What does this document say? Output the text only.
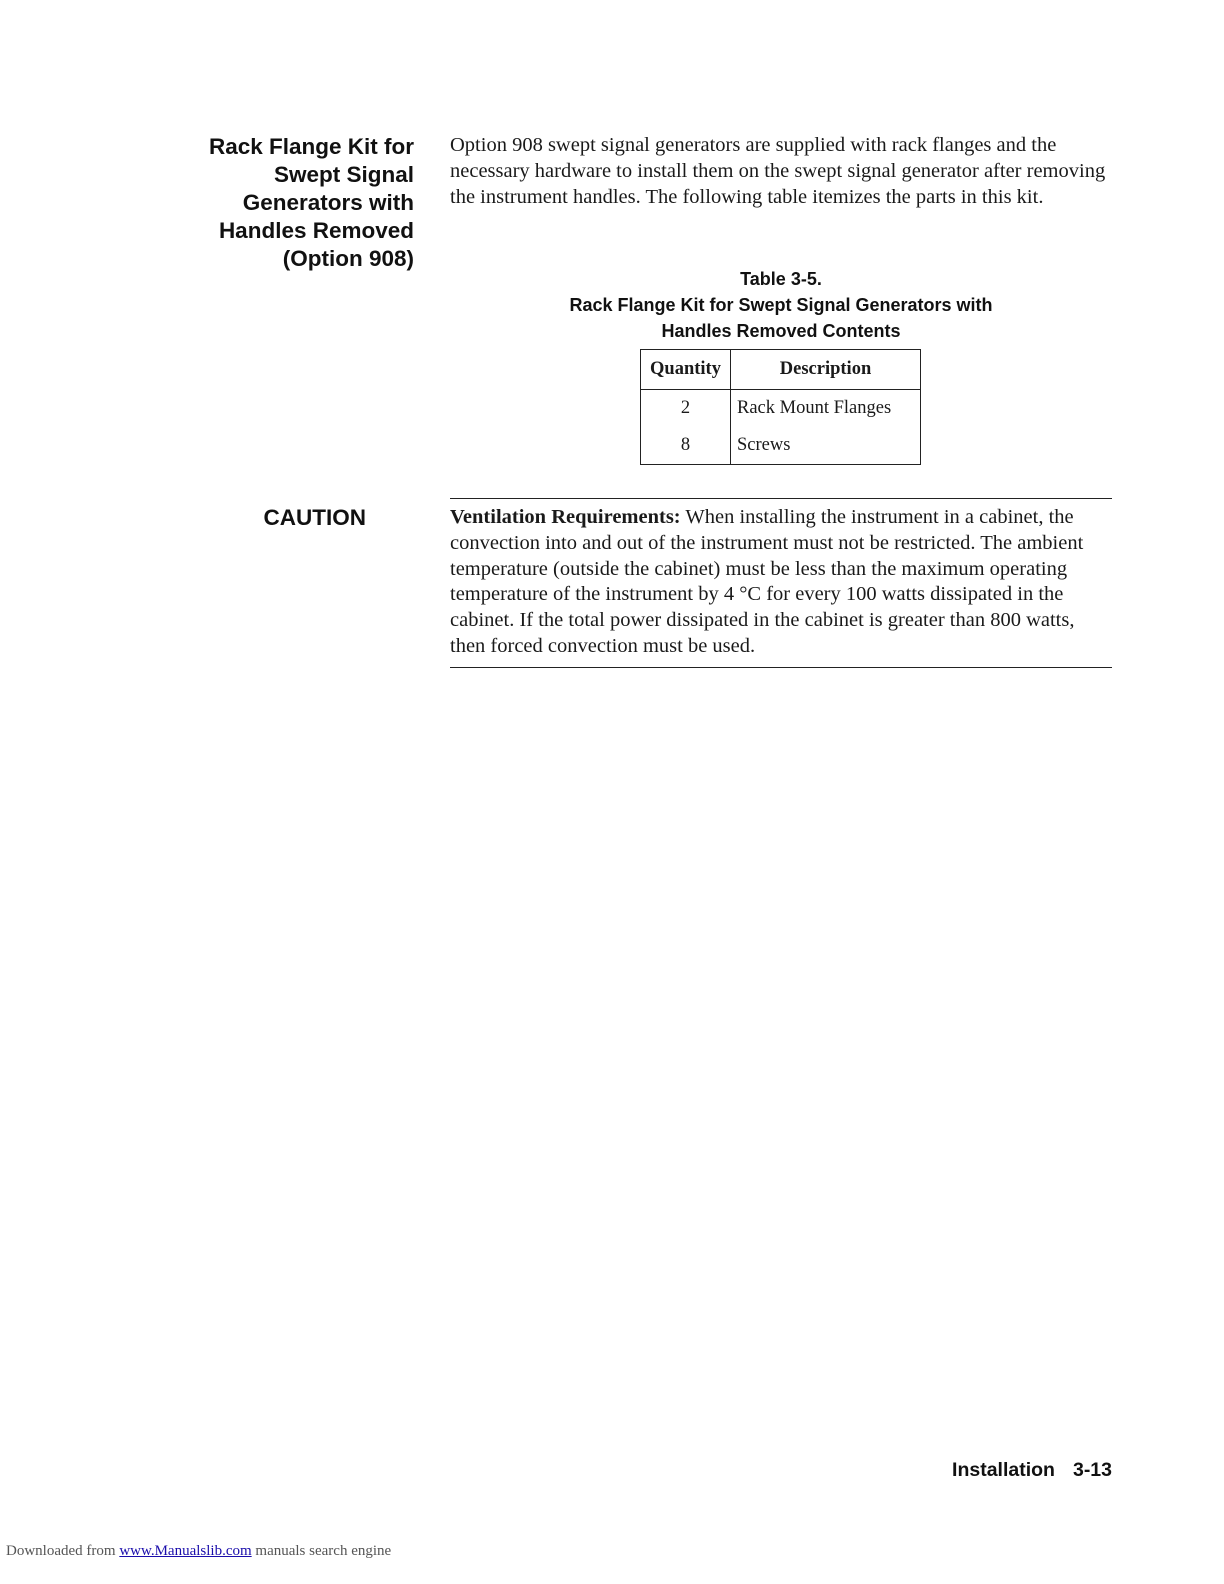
Rack Flange Kit for
Swept Signal
Generators with
Handles Removed
(Option 908)

Option 908 swept signal generators are supplied with rack flanges and the necessary hardware to install them on the swept signal generator after removing the instrument handles. The following table itemizes the parts in this kit.

Table 3-5.
Rack Flange Kit for Swept Signal Generators with
Handles Removed Contents
Quantity	Description
2	Rack Mount Flanges
8	Screws
CAUTION	Ventilation Requirements: When installing the instrument in a cabinet, the convection into and out of the instrument must not be restricted. The ambient temperature (outside the cabinet) must be less than the maximum operating temperature of the instrument by 4 °C for every 100 watts dissipated in the cabinet. If the total power dissipated in the cabinet is greater than 800 watts, then forced convection must be used.
Installation 3-13
Downloaded from www.Manualslib.com manuals search engine
